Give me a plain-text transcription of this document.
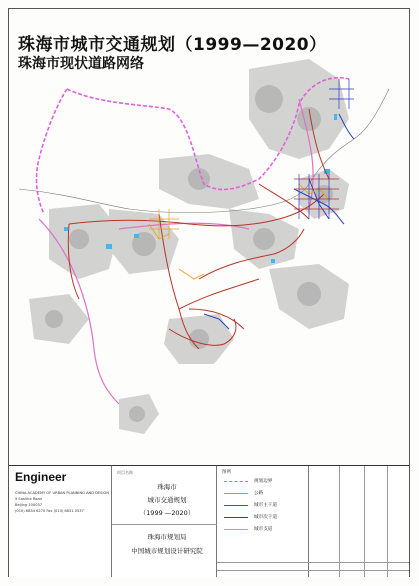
珠海市城市交通规划（1999—2020）
珠海市现状道路网络
Engineer
CHINA ACADEMY OF URBAN PLANNING AND DESIGN
9 Sanlihe Road
Beijing 100037
(010) 6834 6270 Fax (010) 6831 0537
项目名称
珠海市
城市交通规划
（1999 —2020）
珠海市规划局
中国城市规划设计研究院
图例
规划边界
公路
城市主干道
城市次干道
城市支道
